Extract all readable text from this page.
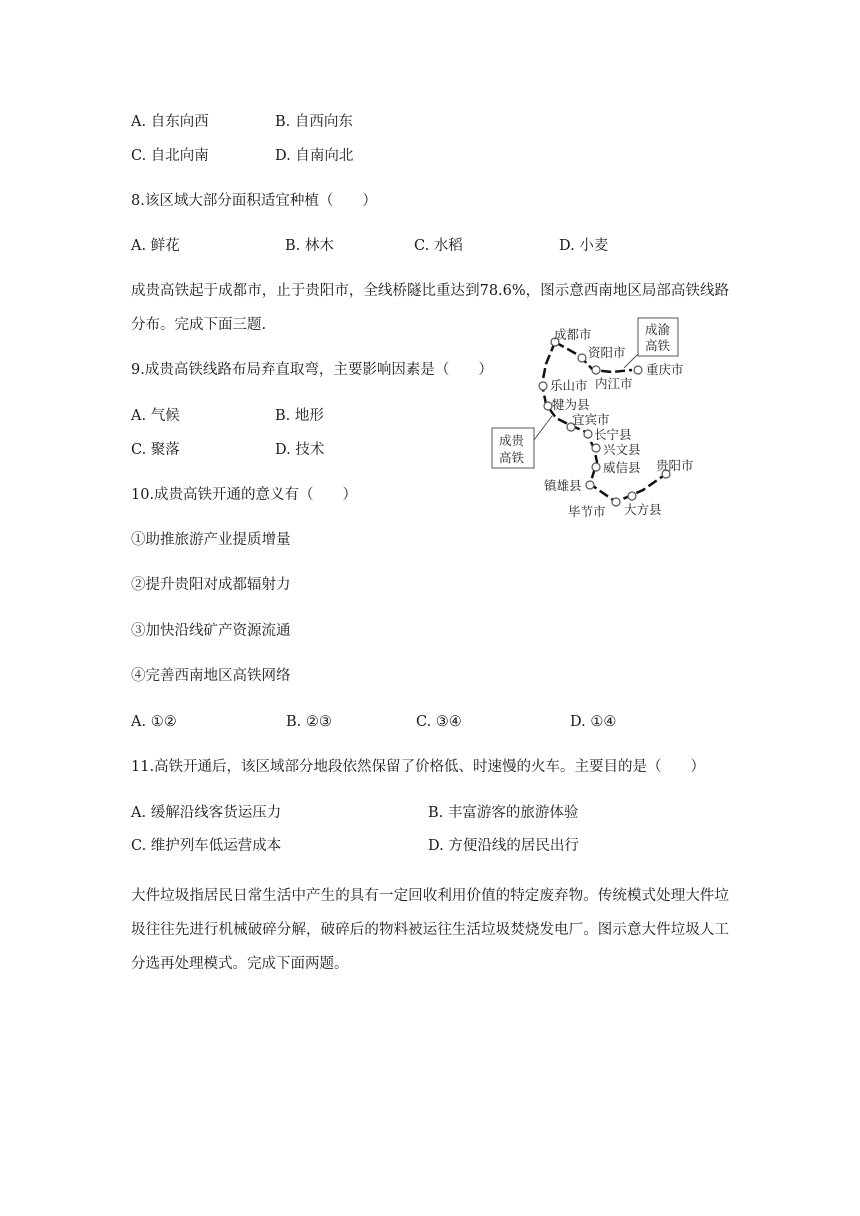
A. 自东向西	B. 自西向东
C. 自北向南	D. 自南向北
8.该区域大部分面积适宜种植（　　）
A. 鲜花	B. 林木	C. 水稻	D. 小麦
成贵高铁起于成都市，止于贵阳市，全线桥隧比重达到78.6%，图示意西南地区局部高铁线路分布。完成下面三题.
9.成贵高铁线路布局弃直取弯，主要影响因素是（　　）
A. 气候	B. 地形
C. 聚落	D. 技术
10.成贵高铁开通的意义有（　　）
①助推旅游产业提质增量
②提升贵阳对成都辐射力
③加快沿线矿产资源流通
④完善西南地区高铁网络
A. ①②	B. ②③	C. ③④	D. ①④
11.高铁开通后，该区域部分地段依然保留了价格低、时速慢的火车。主要目的是（　　）
A. 缓解沿线客货运压力	B. 丰富游客的旅游体验
C. 维护列车低运营成本	D. 方便沿线的居民出行
大件垃圾指居民日常生活中产生的具有一定回收利用价值的特定废弃物。传统模式处理大件垃圾往往先进行机械破碎分解，破碎后的物料被运往生活垃圾焚烧发电厂。图示意大件垃圾人工分选再处理模式。完成下面两题。
成都市
资阳市
内江市
重庆市
乐山市
犍为县
宜宾市
长宁县
兴文县
威信县
镇雄县
毕节市 大方县
贵阳市
成渝
高铁
成贵
高铁
